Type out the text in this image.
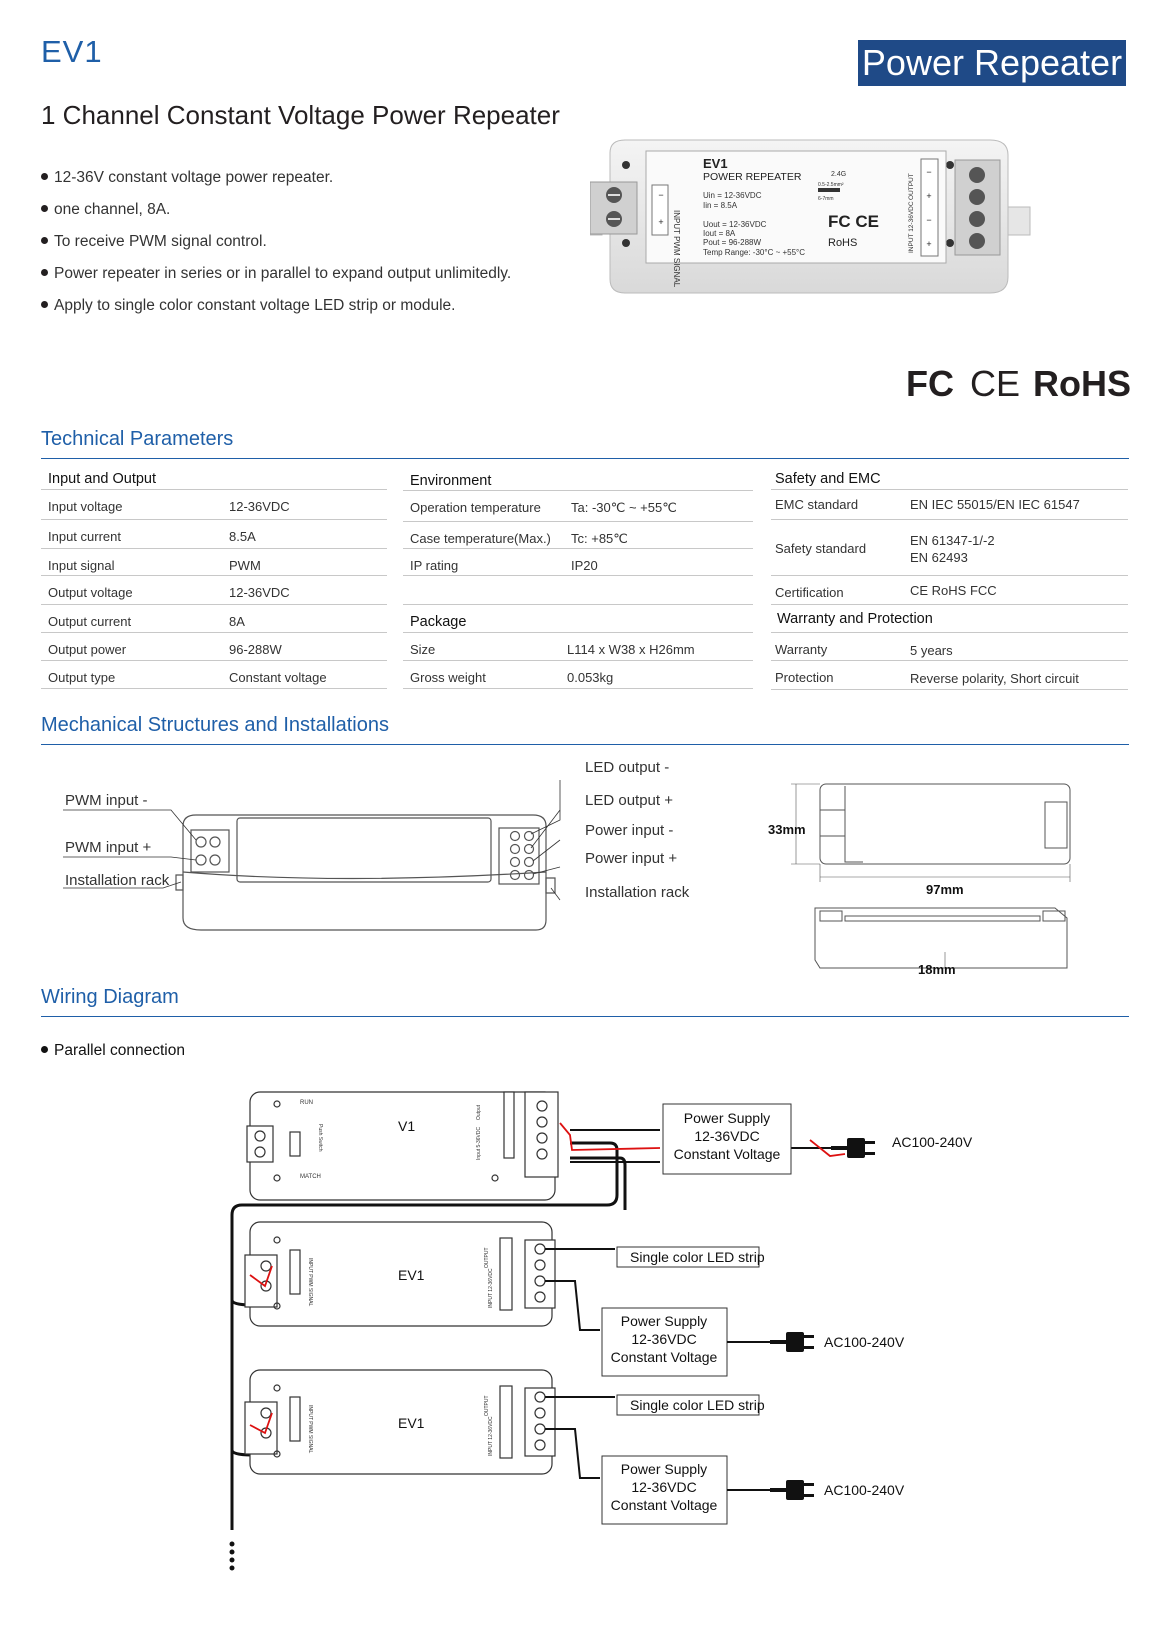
EV1	Power Repeater
1 Channel Constant Voltage Power Repeater
12-36V constant voltage power repeater.
one channel, 8A.
To receive PWM signal control.
Power repeater in series or in parallel to expand output unlimitedly.
Apply to single color constant voltage LED strip or module.
−
+ INPUT PWM SIGNAL
EV1
POWER REPEATER
Uin = 12-36VDC
Iin = 8.5A
Uout = 12-36VDC
Iout = 8A
Pout = 96-288W
Temp Range: -30°C ~ +55°C
2.4G
0.5-2.5mm²
6-7mm
FC CE
RoHS
−
+
−
+
OUTPUT
INPUT 12-36VDC
FC CE RoHS
Technical Parameters
Input and Output
Input voltage	12-36VDC
Input current	8.5A
Input signal	PWM
Output voltage	12-36VDC
Output current	8A
Output power	96-288W
Output type	Constant voltage
Environment
Operation temperature Ta: -30℃ ~ +55℃
Case temperature(Max.) Tc: +85℃
IP rating	IP20
Package
Size	L114 x W38 x H26mm
Gross weight	0.053kg
Safety and EMC
EMC standard	EN IEC 55015/EN IEC 61547
Safety standard
EN 61347-1/-2
EN 62493
Certification	CE RoHS FCC
Warranty and Protection
Warranty	5 years
Protection	Reverse polarity, Short circuit
Mechanical Structures and Installations
PWM input -
PWM input +
Installation rack
LED output -
LED output +
Power input -
Power input +
Installation rack
33mm
97mm
18mm
Wiring Diagram
Parallel connection
V1
RUN
MATCH
Push Switch
Output
Input 5-36VDC
Power Supply
12-36VDC
Constant Voltage
AC100-240V
EV1
INPUT PWM SIGNAL
OUTPUT
INPUT 12-36VDC
Single color LED strip
Power Supply
12-36VDC
Constant Voltage
AC100-240V
EV1
INPUT PWM SIGNAL	OUTPUT
INPUT 12-36VDC
Single color LED strip
Power Supply
12-36VDC
Constant Voltage
AC100-240V
